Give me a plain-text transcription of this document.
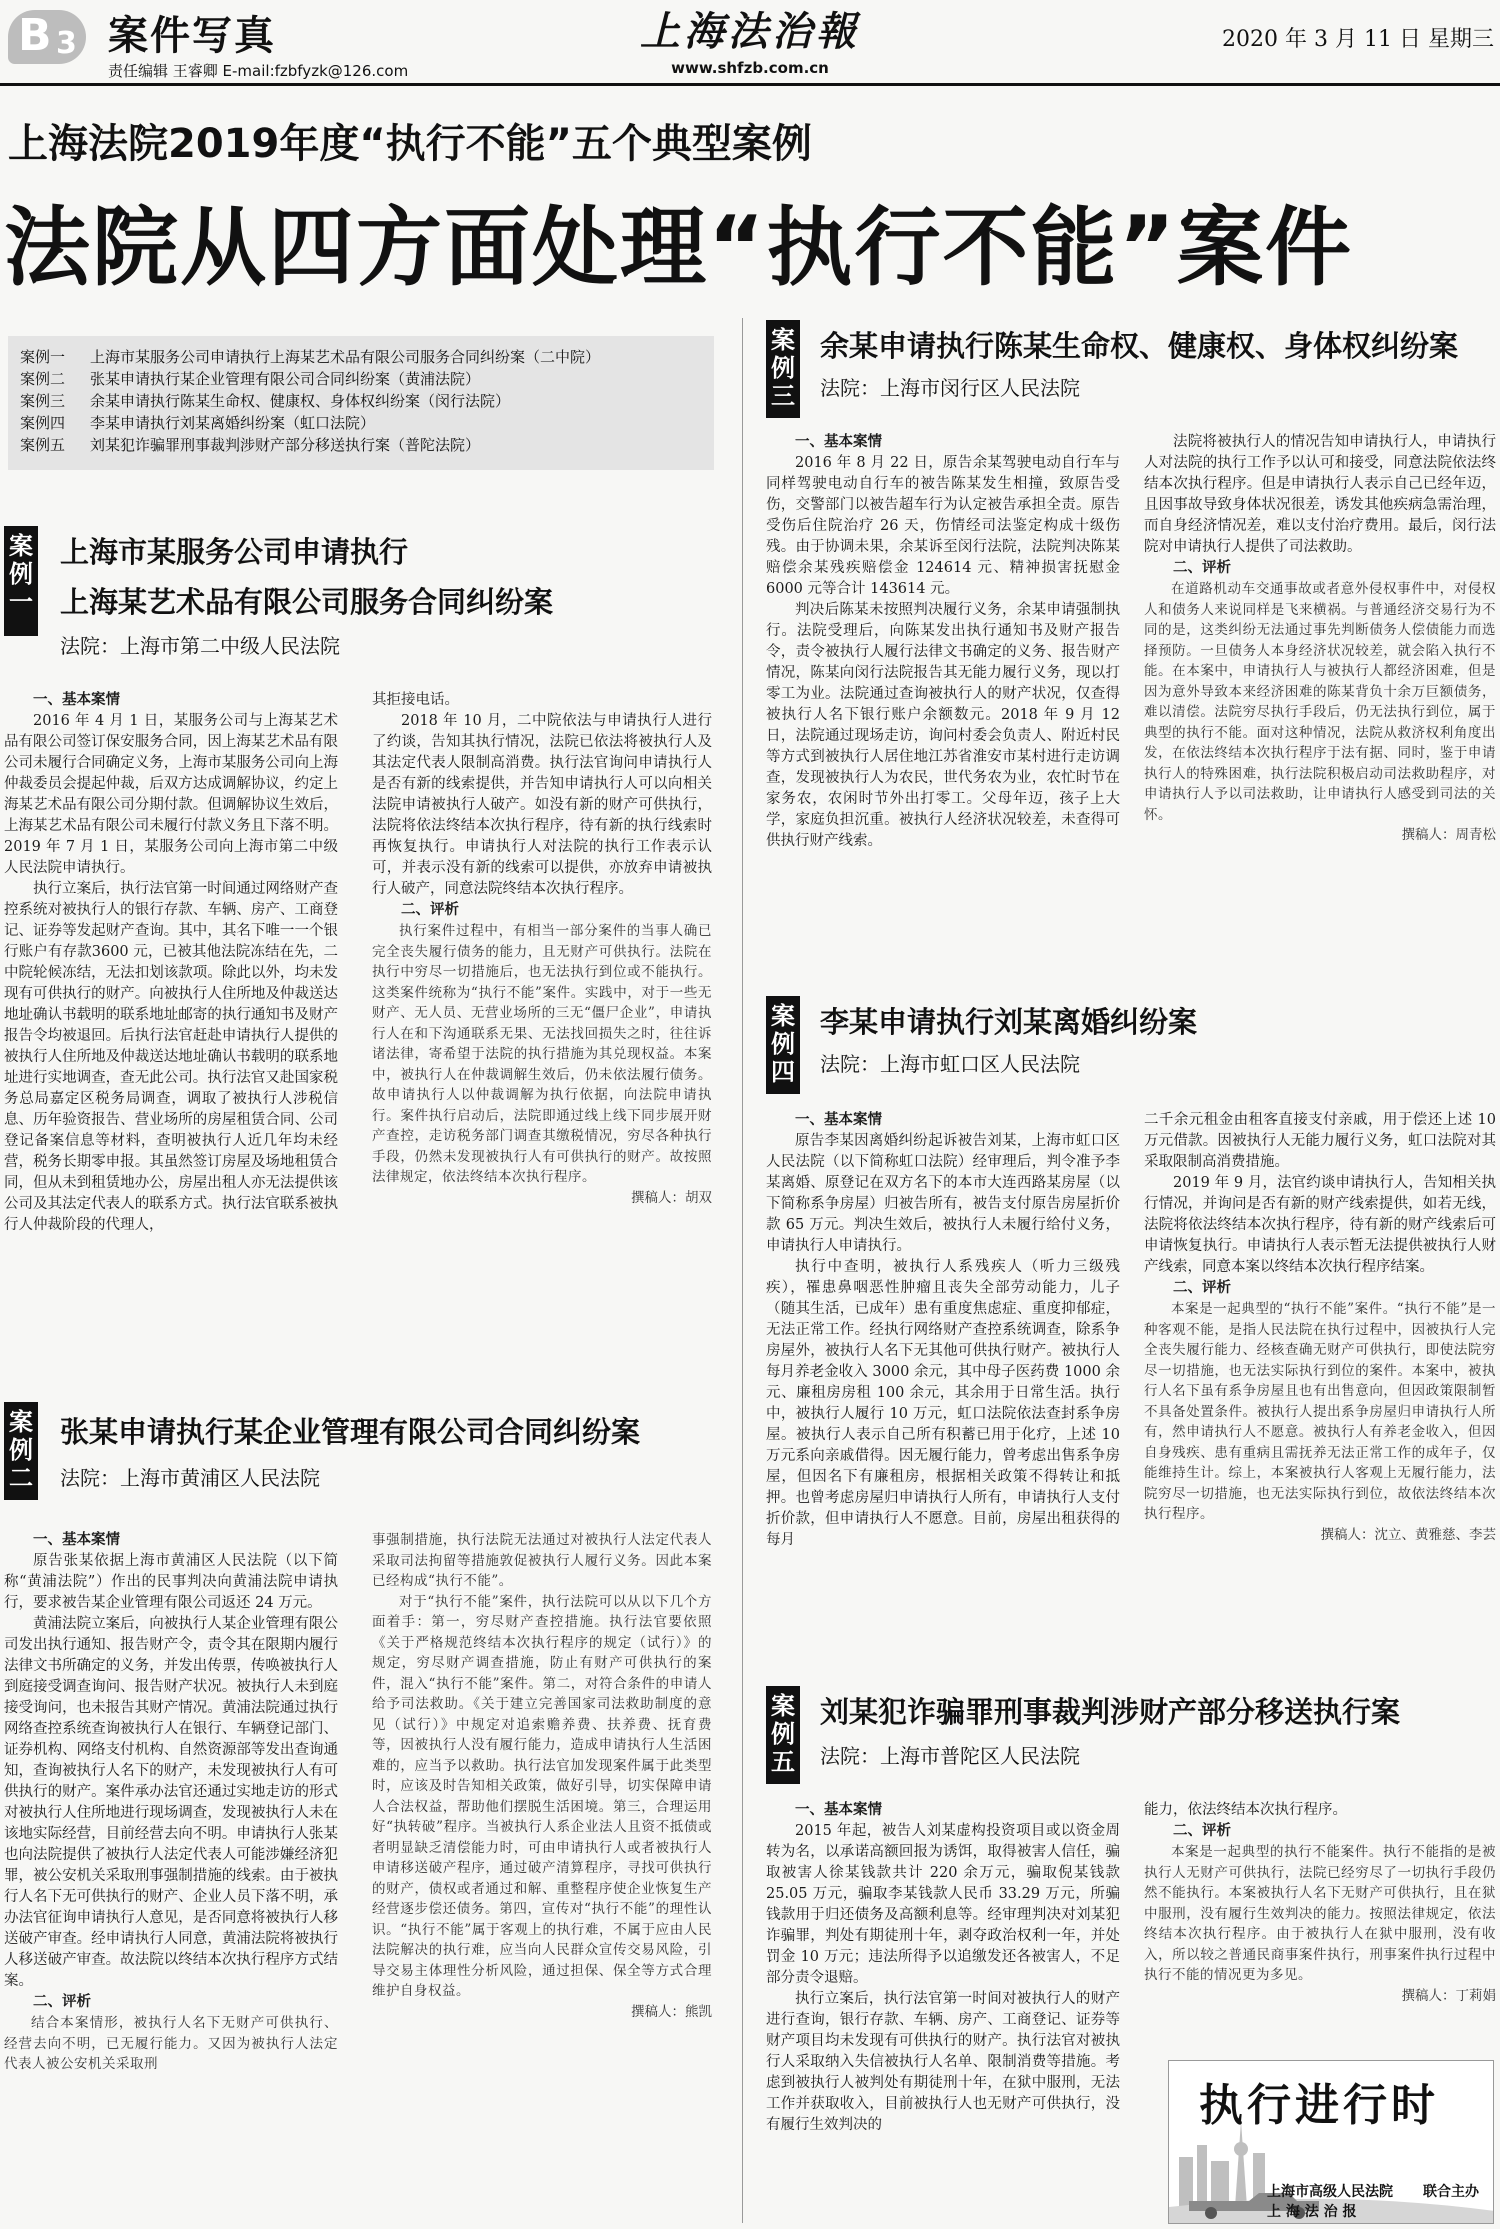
B 3 案件写真
责任编辑 王睿卿 E-mail:fzbfyzk@126.com
上海法治報
www.shfzb.com.cn
2020 年 3 月 11 日 星期三
上海法院2019年度“执行不能”五个典型案例
法院从四方面处理“执行不能”案件
案例一 上海市某服务公司申请执行上海某艺术品有限公司服务合同纠纷案（二中院）
案例二 张某申请执行某企业管理有限公司合同纠纷案（黄浦法院）
案例三 余某申请执行陈某生命权、健康权、身体权纠纷案（闵行法院）
案例四 李某申请执行刘某离婚纠纷案（虹口法院）
案例五 刘某犯诈骗罪刑事裁判涉财产部分移送执行案（普陀法院）
案
例
一
上海市某服务公司申请执行
上海某艺术品有限公司服务合同纠纷案
法院：上海市第二中级人民法院
一、基本案情

2016 年 4 月 1 日，某服务公司与上海某艺术品有限公司签订保安服务合同，因上海某艺术品有限公司未履行合同确定义务，上海市某服务公司向上海仲裁委员会提起仲裁，后双方达成调解协议，约定上海某艺术品有限公司分期付款。但调解协议生效后，上海某艺术品有限公司未履行付款义务且下落不明。2019 年 7 月 1 日，某服务公司向上海市第二中级人民法院申请执行。

执行立案后，执行法官第一时间通过网络财产查控系统对被执行人的银行存款、车辆、房产、工商登记、证券等发起财产查询。其中，其名下唯一一个银行账户有存款3600 元，已被其他法院冻结在先，二中院轮候冻结，无法扣划该款项。除此以外，均未发现有可供执行的财产。向被执行人住所地及仲裁送达地址确认书载明的联系地址邮寄的执行通知书及财产报告令均被退回。后执行法官赶赴申请执行人提供的被执行人住所地及仲裁送达地址确认书载明的联系地址进行实地调查，查无此公司。执行法官又赴国家税务总局嘉定区税务局调查，调取了被执行人涉税信息、历年验资报告、营业场所的房屋租赁合同、公司登记备案信息等材料，查明被执行人近几年均未经营，税务长期零申报。其虽然签订房屋及场地租赁合同，但从未到租赁地办公，房屋出租人亦无法提供该公司及其法定代表人的联系方式。执行法官联系被执行人仲裁阶段的代理人，

其拒接电话。

2018 年 10 月，二中院依法与申请执行人进行了约谈，告知其执行情况，法院已依法将被执行人及其法定代表人限制高消费。执行法官询问申请执行人是否有新的线索提供，并告知申请执行人可以向相关法院申请被执行人破产。如没有新的财产可供执行，法院将依法终结本次执行程序，待有新的执行线索时再恢复执行。申请执行人对法院的执行工作表示认可，并表示没有新的线索可以提供，亦放弃申请被执行人破产，同意法院终结本次执行程序。

二、评析
执行案件过程中，有相当一部分案件的当事人确已完全丧失履行债务的能力，且无财产可供执行。法院在执行中穷尽一切措施后，也无法执行到位或不能执行。这类案件统称为“执行不能”案件。实践中，对于一些无财产、无人员、无营业场所的三无“僵尸企业”，申请执行人在和下沟通联系无果、无法找回损失之时，往往诉诸法律，寄希望于法院的执行措施为其兑现权益。本案中，被执行人在仲裁调解生效后，仍未依法履行债务。故申请执行人以仲裁调解为执行依据，向法院申请执行。案件执行启动后，法院即通过线上线下同步展开财产查控，走访税务部门调查其缴税情况，穷尽各种执行手段，仍然未发现被执行人有可供执行的财产。故按照法律规定，依法终结本次执行程序。
撰稿人：胡双
案
例
二
张某申请执行某企业管理有限公司合同纠纷案
法院：上海市黄浦区人民法院
一、基本案情

原告张某依据上海市黄浦区人民法院（以下简称“黄浦法院”）作出的民事判决向黄浦法院申请执行，要求被告某企业管理有限公司返还 24 万元。

黄浦法院立案后，向被执行人某企业管理有限公司发出执行通知、报告财产令，责令其在限期内履行法律文书所确定的义务，并发出传票，传唤被执行人到庭接受调查询问、报告财产状况。被执行人未到庭接受询问，也未报告其财产情况。黄浦法院通过执行网络查控系统查询被执行人在银行、车辆登记部门、证券机构、网络支付机构、自然资源部等发出查询通知，查询被执行人名下的财产，未发现被执行人有可供执行的财产。案件承办法官还通过实地走访的形式对被执行人住所地进行现场调查，发现被执行人未在该地实际经营，目前经营去向不明。申请执行人张某也向法院提供了被执行人法定代表人可能涉嫌经济犯罪，被公安机关采取刑事强制措施的线索。由于被执行人名下无可供执行的财产、企业人员下落不明，承办法官征询申请执行人意见，是否同意将被执行人移送破产审查。经申请执行人同意，黄浦法院将被执行人移送破产审查。故法院以终结本次执行程序方式结案。

二、评析
结合本案情形，被执行人名下无财产可供执行、经营去向不明，已无履行能力。又因为被执行人法定代表人被公安机关采取刑
事强制措施，执行法院无法通过对被执行人法定代表人采取司法拘留等措施敦促被执行人履行义务。因此本案已经构成“执行不能”。
对于“执行不能”案件，执行法院可以从以下几个方面着手：第一，穷尽财产查控措施。执行法官要依照《关于严格规范终结本次执行程序的规定（试行）》的规定，穷尽财产调查措施，防止有财产可供执行的案件，混入“执行不能”案件。第二，对符合条件的申请人给予司法救助。《关于建立完善国家司法救助制度的意见（试行）》中规定对追索赡养费、扶养费、抚育费等，因被执行人没有履行能力，造成申请执行人生活困难的，应当予以救助。执行法官加发现案件属于此类型时，应该及时告知相关政策，做好引导，切实保障申请人合法权益，帮助他们摆脱生活困境。第三，合理运用好“执转破”程序。当被执行人系企业法人且资不抵债或者明显缺乏清偿能力时，可由申请执行人或者被执行人申请移送破产程序，通过破产清算程序，寻找可供执行的财产，债权或者通过和解、重整程序使企业恢复生产经营逐步偿还债务。第四，宣传对“执行不能”的理性认识。“执行不能”属于客观上的执行难，不属于应由人民法院解决的执行难，应当向人民群众宣传交易风险，引导交易主体理性分析风险，通过担保、保全等方式合理维护自身权益。
撰稿人：熊凯
案
例
三
余某申请执行陈某生命权、健康权、身体权纠纷案
法院：上海市闵行区人民法院
一、基本案情

2016 年 8 月 22 日，原告余某驾驶电动自行车与同样驾驶电动自行车的被告陈某发生相撞，致原告受伤，交警部门以被告超车行为认定被告承担全责。原告受伤后住院治疗 26 天，伤情经司法鉴定构成十级伤残。由于协调未果，余某诉至闵行法院，法院判决陈某赔偿余某残疾赔偿金 124614 元、精神损害抚慰金 6000 元等合计 143614 元。

判决后陈某未按照判决履行义务，余某申请强制执行。法院受理后，向陈某发出执行通知书及财产报告令，责令被执行人履行法律文书确定的义务、报告财产情况，陈某向闵行法院报告其无能力履行义务，现以打零工为业。法院通过查询被执行人的财产状况，仅查得被执行人名下银行账户余额数元。2018 年 9 月 12 日，法院通过现场走访，询问村委会负责人、附近村民等方式到被执行人居住地江苏省淮安市某村进行走访调查，发现被执行人为农民，世代务农为业，农忙时节在家务农，农闲时节外出打零工。父母年迈，孩子上大学，家庭负担沉重。被执行人经济状况较差，未查得可供执行财产线索。

法院将被执行人的情况告知申请执行人，申请执行人对法院的执行工作予以认可和接受，同意法院依法终结本次执行程序。但是申请执行人表示自己已经年迈，且因事故导致身体状况很差，诱发其他疾病急需治理，而自身经济情况差，难以支付治疗费用。最后，闵行法院对申请执行人提供了司法救助。

二、评析
在道路机动车交通事故或者意外侵权事件中，对侵权人和债务人来说同样是飞来横祸。与普通经济交易行为不同的是，这类纠纷无法通过事先判断债务人偿债能力而选择预防。一旦债务人本身经济状况较差，就会陷入执行不能。在本案中，申请执行人与被执行人都经济困难，但是因为意外导致本来经济困难的陈某背负十余万巨额债务，难以清偿。法院穷尽执行手段后，仍无法执行到位，属于典型的执行不能。面对这种情况，法院从救济权利角度出发，在依法终结本次执行程序于法有据、同时，鉴于申请执行人的特殊困难，执行法院积极启动司法救助程序，对申请执行人予以司法救助，让申请执行人感受到司法的关怀。
撰稿人：周青松
案
例
四
李某申请执行刘某离婚纠纷案
法院：上海市虹口区人民法院
一、基本案情

原告李某因离婚纠纷起诉被告刘某，上海市虹口区人民法院（以下简称虹口法院）经审理后，判令准予李某离婚、原登记在双方名下的本市大连西路某房屋（以下简称系争房屋）归被告所有，被告支付原告房屋折价款 65 万元。判决生效后，被执行人未履行给付义务，申请执行人申请执行。

执行中查明，被执行人系残疾人（听力三级残疾），罹患鼻咽恶性肿瘤且丧失全部劳动能力，儿子（随其生活，已成年）患有重度焦虑症、重度抑郁症，无法正常工作。经执行网络财产查控系统调查，除系争房屋外，被执行人名下无其他可供执行财产。被执行人每月养老金收入 3000 余元，其中母子医药费 1000 余元、廉租房房租 100 余元，其余用于日常生活。执行中，被执行人履行 10 万元，虹口法院依法查封系争房屋。被执行人表示自己所有积蓄已用于化疗，上述 10 万元系向亲戚借得。因无履行能力，曾考虑出售系争房屋，但因名下有廉租房，根据相关政策不得转让和抵押。也曾考虑房屋归申请执行人所有，申请执行人支付折价款，但申请执行人不愿意。目前，房屋出租获得的每月

二千余元租金由租客直接支付亲戚，用于偿还上述 10 万元借款。因被执行人无能力履行义务，虹口法院对其采取限制高消费措施。

2019 年 9 月，法官约谈申请执行人，告知相关执行情况，并询问是否有新的财产线索提供，如若无线，法院将依法终结本次执行程序，待有新的财产线索后可申请恢复执行。申请执行人表示暂无法提供被执行人财产线索，同意本案以终结本次执行程序结案。

二、评析
本案是一起典型的“执行不能”案件。“执行不能”是一种客观不能，是指人民法院在执行过程中，因被执行人完全丧失履行能力、经核查确无财产可供执行，即使法院穷尽一切措施，也无法实际执行到位的案件。本案中，被执行人名下虽有系争房屋且也有出售意向，但因政策限制暂不具备处置条件。被执行人提出系争房屋归申请执行人所有，然申请执行人不愿意。被执行人有养老金收入，但因自身残疾、患有重病且需抚养无法正常工作的成年子，仅能维持生计。综上，本案被执行人客观上无履行能力，法院穷尽一切措施，也无法实际执行到位，故依法终结本次执行程序。
撰稿人：沈立、黄雅慈、李芸
案
例
五
刘某犯诈骗罪刑事裁判涉财产部分移送执行案
法院：上海市普陀区人民法院
一、基本案情

2015 年起，被告人刘某虚构投资项目或以资金周转为名，以承诺高额回报为诱饵，取得被害人信任，骗取被害人徐某钱款共计 220 余万元，骗取倪某钱款 25.05 万元，骗取李某钱款人民币 33.29 万元，所骗钱款用于归还债务及高额利息等。经审理判决对刘某犯诈骗罪，判处有期徒刑十年，剥夺政治权利一年，并处罚金 10 万元；违法所得予以追缴发还各被害人，不足部分责令退赔。

执行立案后，执行法官第一时间对被执行人的财产进行查询，银行存款、车辆、房产、工商登记、证券等财产项目均未发现有可供执行的财产。执行法官对被执行人采取纳入失信被执行人名单、限制消费等措施。考虑到被执行人被判处有期徒刑十年，在狱中服刑，无法工作并获取收入，目前被执行人也无财产可供执行，没有履行生效判决的

能力，依法终结本次执行程序。

二、评析
本案是一起典型的执行不能案件。执行不能指的是被执行人无财产可供执行，法院已经穷尽了一切执行手段仍然不能执行。本案被执行人名下无财产可供执行，且在狱中服刑，没有履行生效判决的能力。按照法律规定，依法终结本次执行程序。由于被执行人在狱中服刑，没有收入，所以较之普通民商事案件执行，刑事案件执行过程中执行不能的情况更为多见。
撰稿人：丁莉娟
执行进行时
上海市高级人民法院
上 海 法 治 报
联合主办
